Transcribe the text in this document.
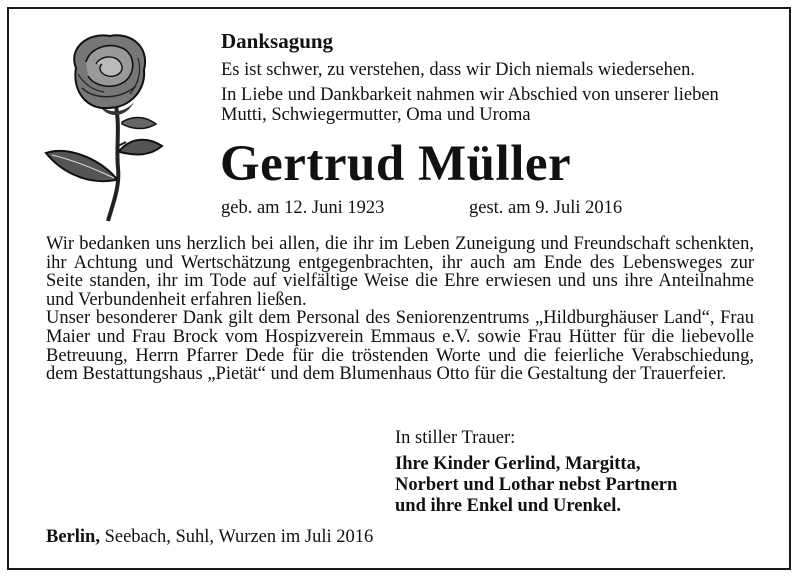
Danksagung

Es ist schwer, zu verstehen, dass wir Dich niemals wiedersehen.

In Liebe und Dankbarkeit nahmen wir Abschied von unserer lieben Mutti, Schwiegermutter, Oma und Uroma

Gertrud Müller

geb. am 12. Juni 1923	gest. am 9. Juli 2016

Wir bedanken uns herzlich bei allen, die ihr im Leben Zuneigung und Freundschaft schenkten, ihr Achtung und Wertschätzung entgegenbrachten, ihr auch am Ende des Lebensweges zur Seite standen, ihr im Tode auf vielfältige Weise die Ehre erwiesen und uns ihre Anteilnahme und Verbundenheit erfahren ließen.

Unser besonderer Dank gilt dem Personal des Seniorenzentrums „Hildburghäuser Land“, Frau Maier und Frau Brock vom Hospizverein Emmaus e.V. sowie Frau Hütter für die liebevolle Betreuung, Herrn Pfarrer Dede für die tröstenden Worte und die feierliche Verabschiedung, dem Bestattungshaus „Pietät“ und dem Blumenhaus Otto für die Gestaltung der Trauerfeier.

In stiller Trauer:

Ihre Kinder Gerlind, Margitta,
Norbert und Lothar nebst Partnern
und ihre Enkel und Urenkel.

Berlin, Seebach, Suhl, Wurzen im Juli 2016
